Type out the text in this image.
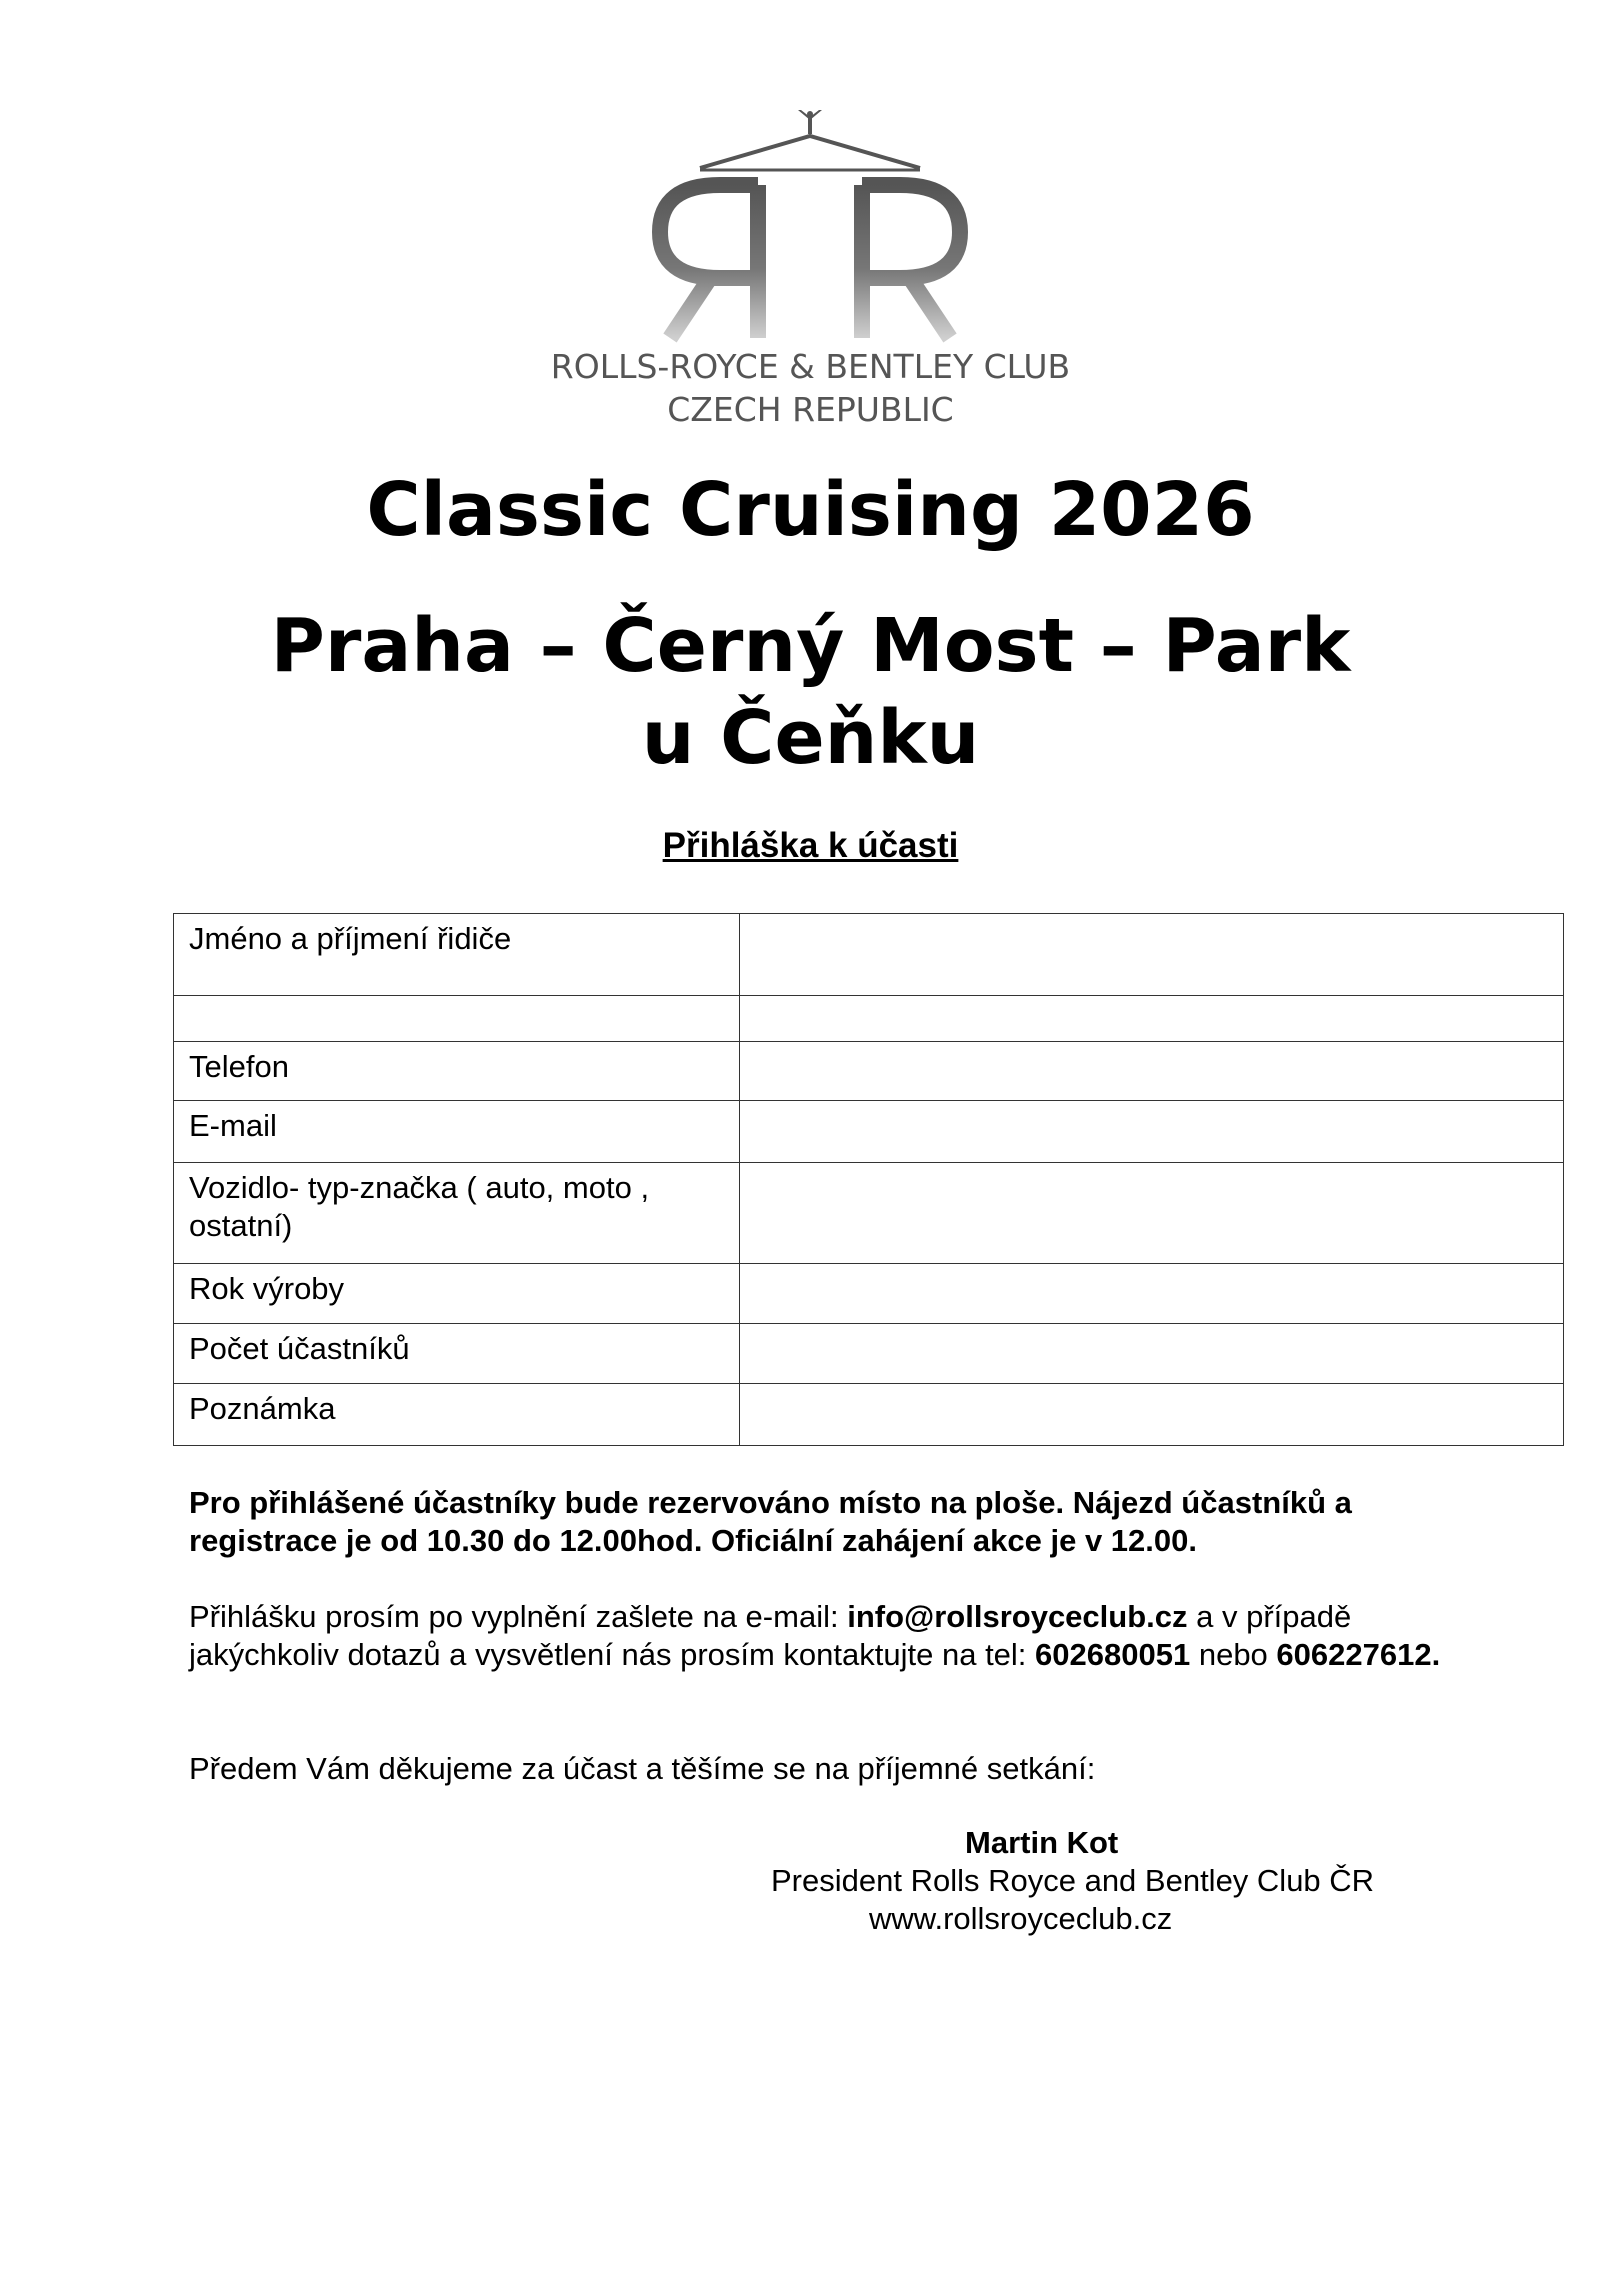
ROLLS-ROYCE & BENTLEY CLUB
CZECH REPUBLIC
Classic Cruising 2026
Praha – Černý Most – Park
u Čeňku
Přihláška k účasti
Jméno a příjmení řidiče	

Telefon	
E-mail	
Vozidlo- typ-značka ( auto, moto , ostatní)	
Rok výroby	
Počet účastníků	
Poznámka	
Pro přihlášené účastníky bude rezervováno místo na ploše. Nájezd účastníků a registrace je od 10.30 do 12.00hod. Oficiální zahájení akce je v 12.00.
Přihlášku prosím po vyplnění zašlete na e-mail: info@rollsroyceclub.cz a v případě jakýchkoliv dotazů a vysvětlení nás prosím kontaktujte na tel: 602680051 nebo 606227612.
Předem Vám děkujeme za účast a těšíme se na příjemné setkání:
Martin Kot
President Rolls Royce and Bentley Club ČR
www.rollsroyceclub.cz
